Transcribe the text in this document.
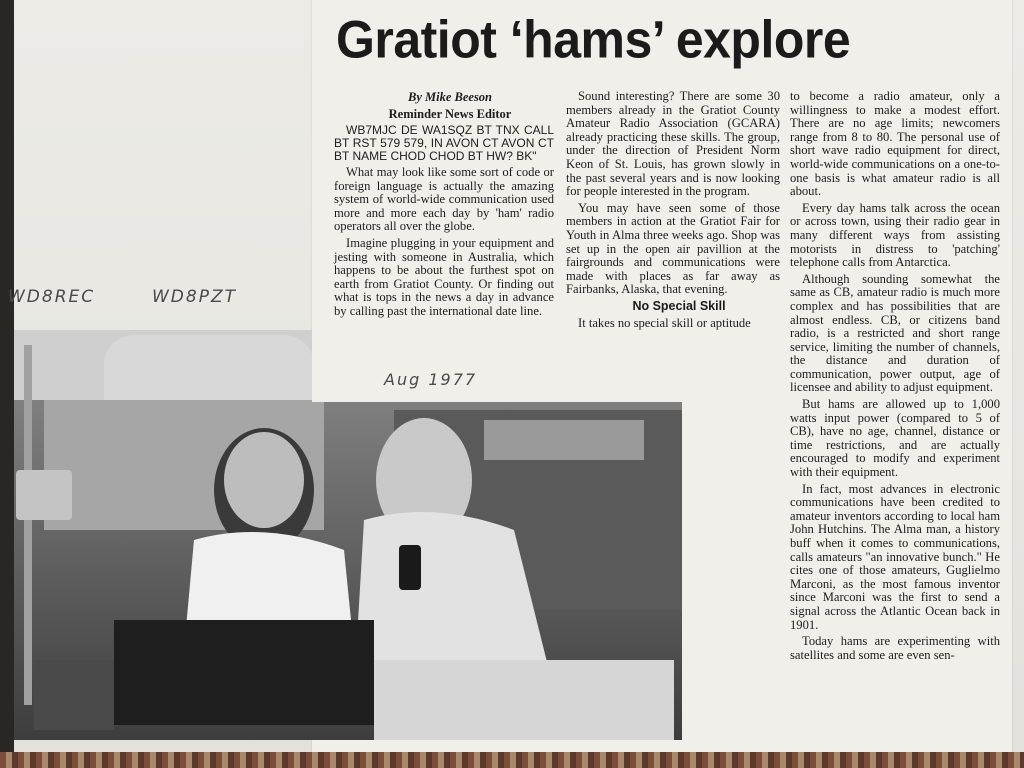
Gratiot ‘hams’ explore

By Mike Beeson

Reminder News Editor

WB7MJC DE WA1SQZ BT TNX CALL BT RST 579 579, IN AVON CT AVON CT BT NAME CHOD CHOD BT HW? BK"

What may look like some sort of code or foreign language is actually the amazing system of world-wide communication used more and more each day by 'ham' radio operators all over the globe.

Imagine plugging in your equipment and jesting with someone in Australia, which happens to be about the furthest spot on earth from Gratiot County. Or finding out what is tops in the news a day in advance by calling past the international date line.

Sound interesting? There are some 30 members already in the Gratiot County Amateur Radio Association (GCARA) already practicing these skills. The group, under the direction of President Norm Keon of St. Louis, has grown slowly in the past several years and is now looking for people interested in the program.

You may have seen some of those members in action at the Gratiot Fair for Youth in Alma three weeks ago. Shop was set up in the open air pavillion at the fairgrounds and communications were made with places as far away as Fairbanks, Alaska, that evening.

No Special Skill

It takes no special skill or aptitude

to become a radio amateur, only a willingness to make a modest effort. There are no age limits; newcomers range from 8 to 80. The personal use of short wave radio equipment for direct, world-wide communications on a one-to-one basis is what amateur radio is all about.

Every day hams talk across the ocean or across town, using their radio gear in many different ways from assisting motorists in distress to 'patching' telephone calls from Antarctica.

Although sounding somewhat the same as CB, amateur radio is much more complex and has possibilities that are almost endless. CB, or citizens band radio, is a restricted and short range service, limiting the number of channels, the distance and duration of communication, power output, age of licensee and ability to adjust equipment.

But hams are allowed up to 1,000 watts input power (compared to 5 of CB), have no age, channel, distance or time restrictions, and are actually encouraged to modify and experiment with their equipment.

In fact, most advances in electronic communications have been credited to amateur inventors according to local ham John Hutchins. The Alma man, a history buff when it comes to communications, calls amateurs "an innovative bunch." He cites one of those amateurs, Guglielmo Marconi, as the most famous inventor since Marconi was the first to send a signal across the Atlantic Ocean back in 1901.

Today hams are experimenting with satellites and some are even sen-

WD8REC	WD8PZT
Aug 1977
